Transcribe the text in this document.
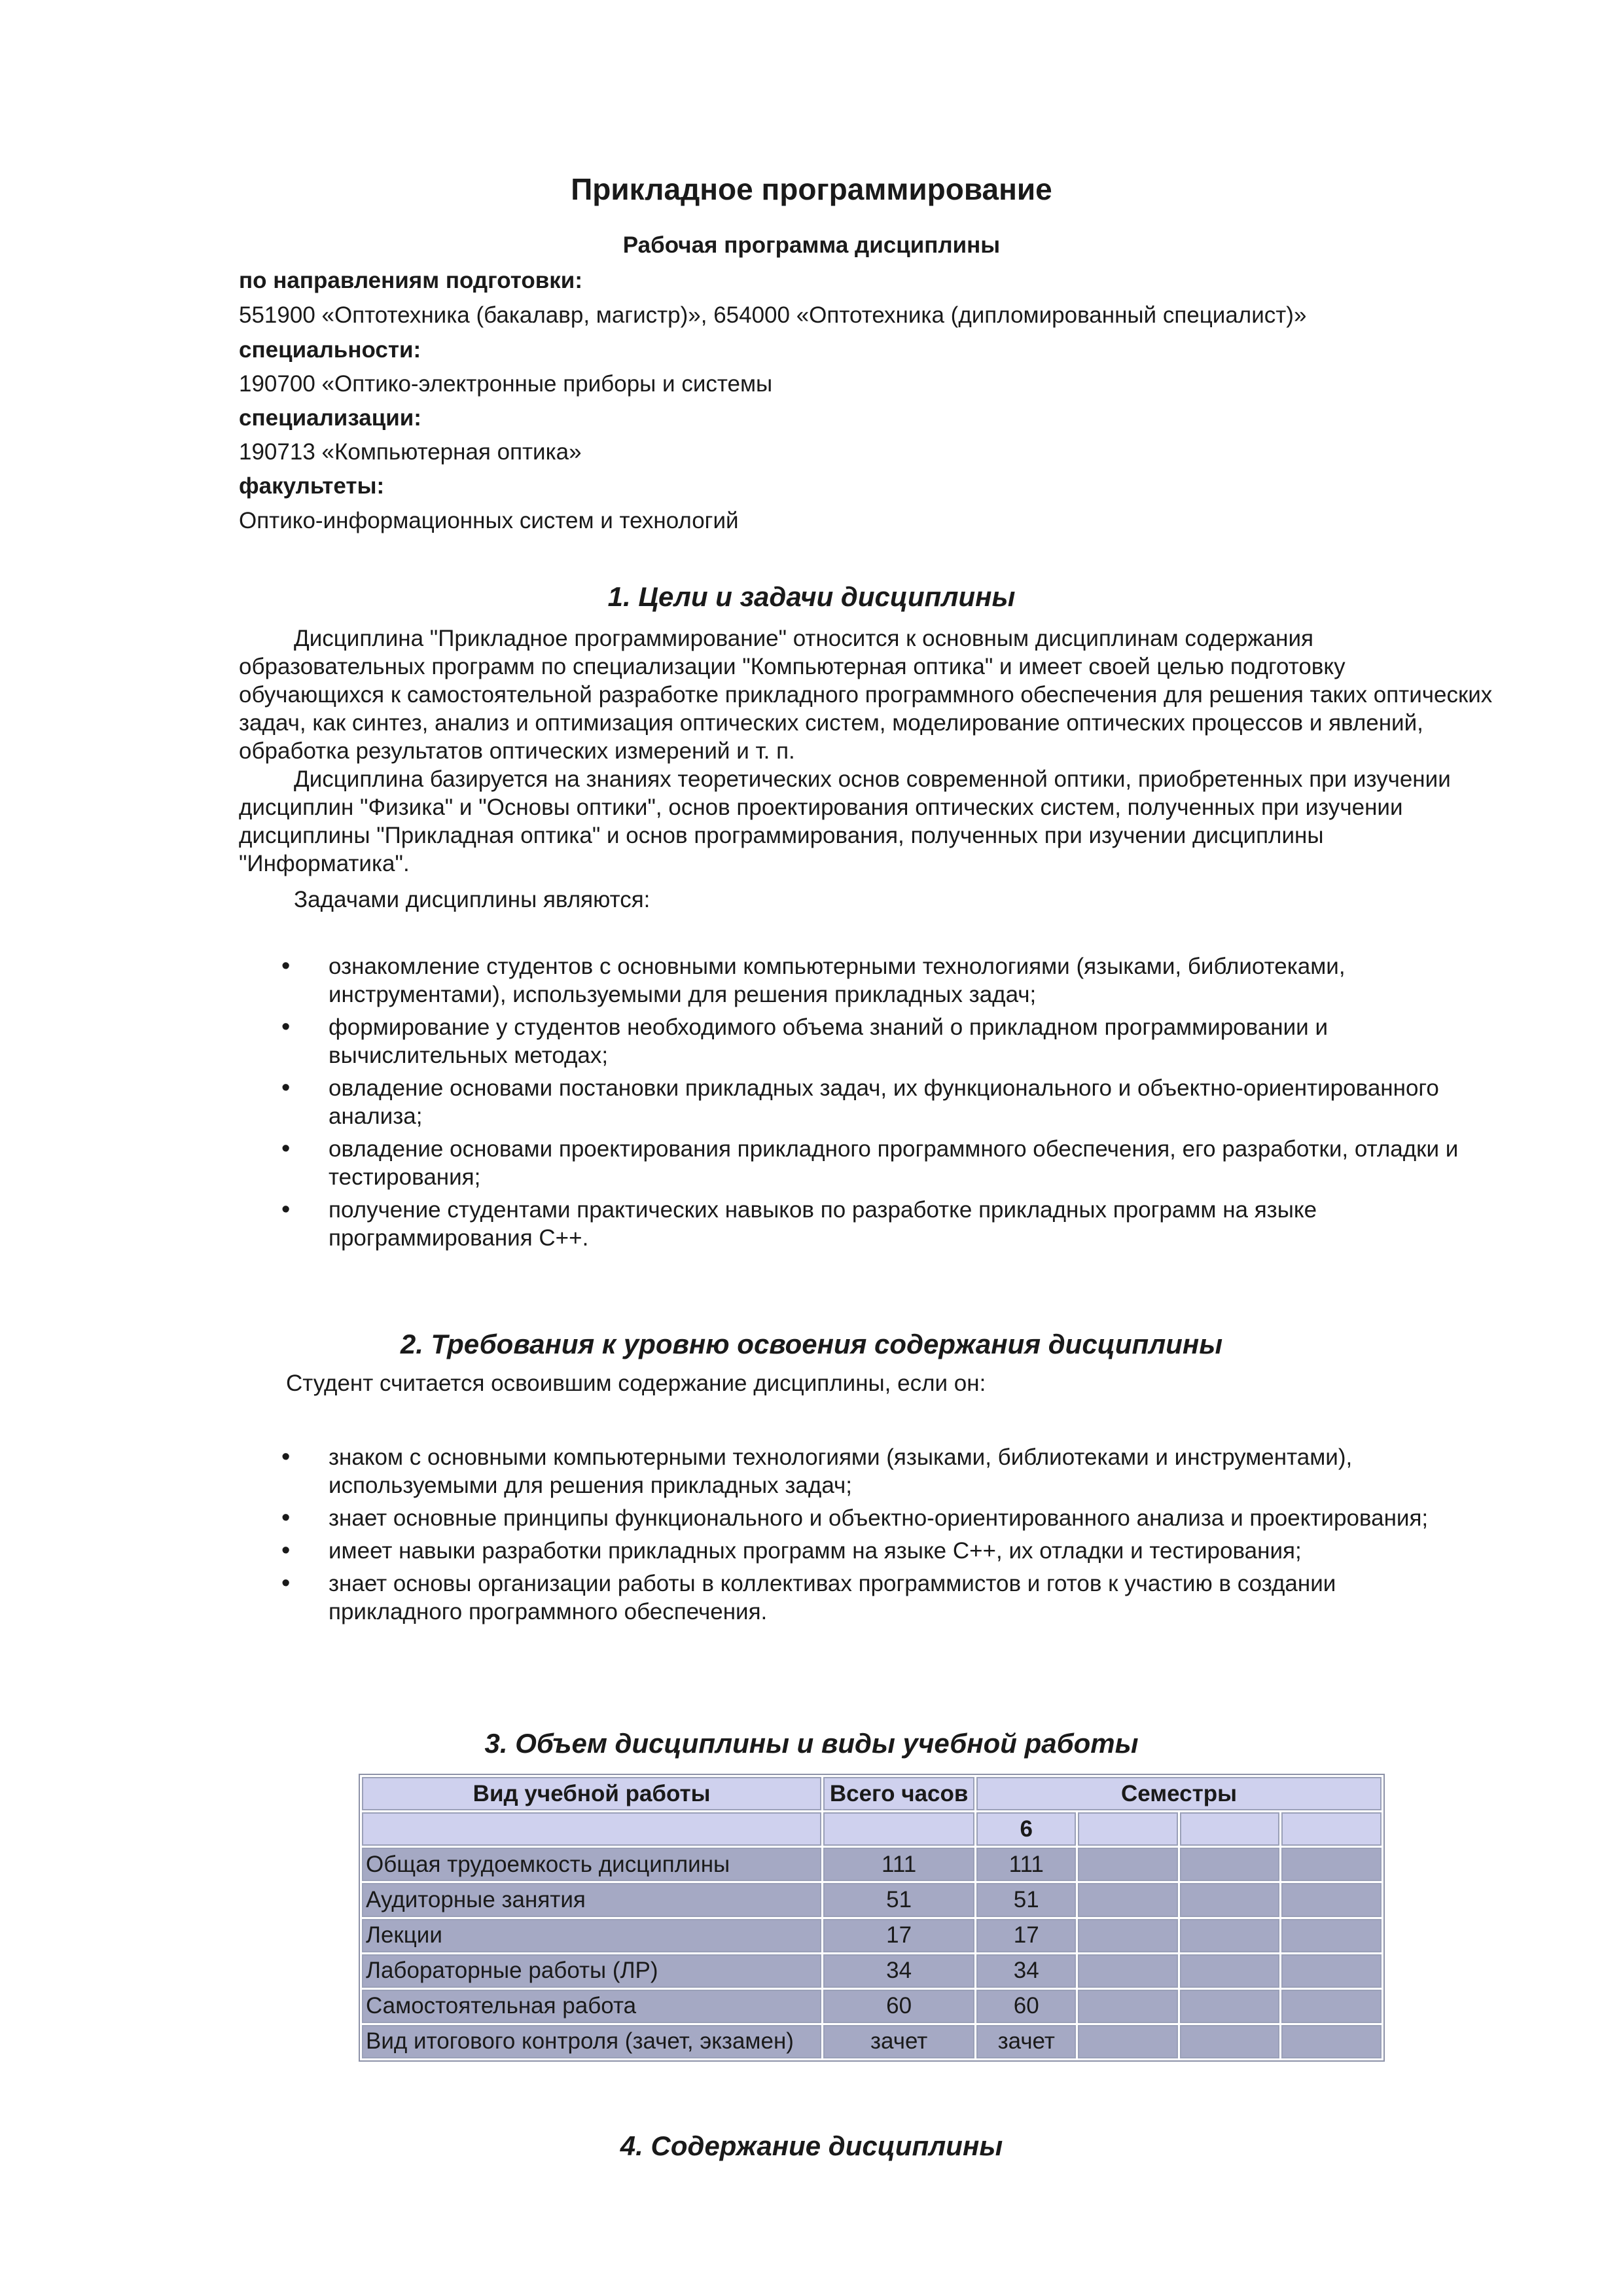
Прикладное программирование
Рабочая программа дисциплины
по направлениям подготовки:
551900 «Оптотехника (бакалавр, магистр)», 654000 «Оптотехника (дипломированный специалист)»
специальности:
190700 «Оптико-электронные приборы и системы
специализации:
190713 «Компьютерная оптика»
факультеты:
Оптико-информационных систем и технологий
1. Цели и задачи дисциплины

Дисциплина "Прикладное программирование" относится к основным дисциплинам содержания образовательных программ по специализации "Компьютерная оптика" и имеет своей целью подготовку обучающихся к самостоятельной разработке прикладного программного обеспечения для решения таких оптических задач, как синтез, анализ и оптимизация оптических систем, моделирование оптических процессов и явлений, обработка результатов оптических измерений и т. п.

Дисциплина базируется на знаниях теоретических основ современной оптики, приобретенных при изучении дисциплин "Физика" и "Основы оптики", основ проектирования оптических систем, полученных при изучении дисциплины "Прикладная оптика" и основ программирования, полученных при изучении дисциплины "Информатика".

Задачами дисциплины являются:

• ознакомление студентов с основными компьютерными технологиями (языками, библиотеками, инструментами), используемыми для решения прикладных задач;
• формирование у студентов необходимого объема знаний о прикладном программировании и вычислительных методах;
• овладение основами постановки прикладных задач, их функционального и объектно-ориентированного анализа;
• овладение основами проектирования прикладного программного обеспечения, его разработки, отладки и тестирования;
• получение студентами практических навыков по разработке прикладных программ на языке программирования С++.
2. Требования к уровню освоения содержания дисциплины
Студент считается освоившим содержание дисциплины, если он:
• знаком с основными компьютерными технологиями (языками, библиотеками и инструментами), используемыми для решения прикладных задач;
• знает основные принципы функционального и объектно-ориентированного анализа и проектирования;
• имеет навыки разработки прикладных программ на языке С++, их отладки и тестирования;
• знает основы организации работы в коллективах программистов и готов к участию в создании прикладного программного обеспечения.
3. Объем дисциплины и виды учебной работы
Вид учебной работы	Всего часов	Семестры			
		6			
Общая трудоемкость дисциплины	111	111			
Аудиторные занятия	51	51			
Лекции	17	17			
Лабораторные работы (ЛР)	34	34			
Самостоятельная работа	60	60			
Вид итогового контроля (зачет, экзамен)	зачет	зачет			
4. Содержание дисциплины
